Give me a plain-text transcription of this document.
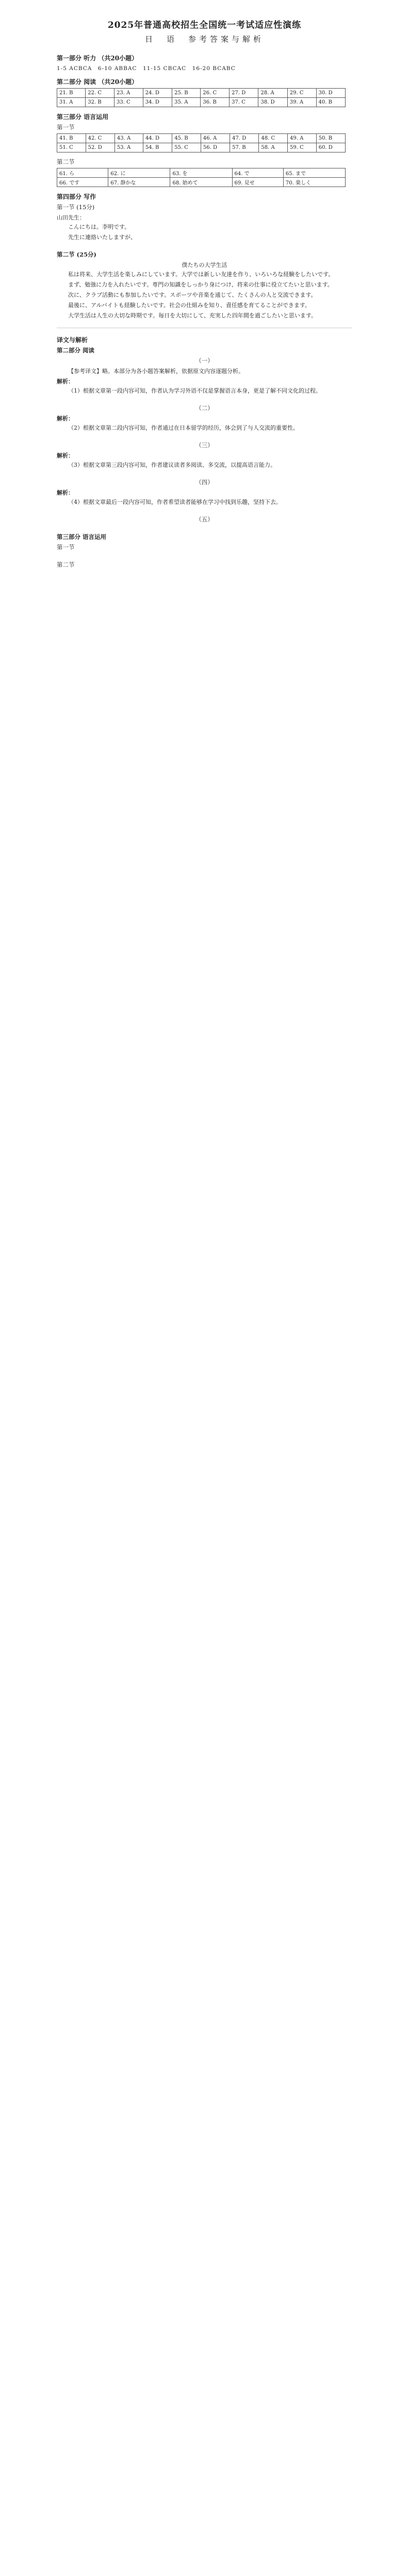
2025年普通高校招生全国统一考试适应性演练

日　语　参考答案与解析

第一部分 听力 （共20小题）

1-5 ACBCA　6-10 ABBAC　11-15 CBCAC　16-20 BCABC

第二部分 阅读 （共20小题）

21. B	22. C	23. A	24. D	25. B	26. C	27. D	28. A	29. C	30. D
31. A	32. B	33. C	34. D	35. A	36. B	37. C	38. D	39. A	40. B

第三部分 语言运用

第一节

41. B	42. C	43. A	44. D	45. B	46. A	47. D	48. C	49. A	50. B
51. C	52. D	53. A	54. B	55. C	56. D	57. B	58. A	59. C	60. D

第二节

61. ら	62. に	63. を	64. で	65. まで
66. です	67. 静かな	68. 始めて	69. 見せ	70. 楽しく

第四部分 写作

第一节 (15分)

山田先生：

こんにちは。李明です。

先生に連絡いたしますが、

第二节 (25分)

僕たちの大学生活

私は将来、大学生活を楽しみにしています。大学では新しい友達を作り、いろいろな経験をしたいです。

まず、勉強に力を入れたいです。専門の知識をしっかり身につけ、将来の仕事に役立てたいと思います。

次に、クラブ活動にも参加したいです。スポーツや音楽を通じて、たくさんの人と交流できます。

最後に、アルバイトも経験したいです。社会の仕組みを知り、責任感を育てることができます。

大学生活は人生の大切な時期です。毎日を大切にして、充実した四年間を過ごしたいと思います。

译文与解析

第二部分 阅读

（一）

【参考译文】略。本部分为各小题答案解析，依据原文内容逐题分析。

解析：

（1）根据文章第一段内容可知，作者认为学习外语不仅是掌握语言本身，更是了解不同文化的过程。

（二）

解析：

（2）根据文章第二段内容可知，作者通过在日本留学的经历，体会到了与人交流的重要性。

（三）

解析：

（3）根据文章第三段内容可知，作者建议读者多阅读、多交流，以提高语言能力。

（四）

解析：

（4）根据文章最后一段内容可知，作者希望读者能够在学习中找到乐趣，坚持下去。

（五）

第三部分 语言运用

第一节

第二节
